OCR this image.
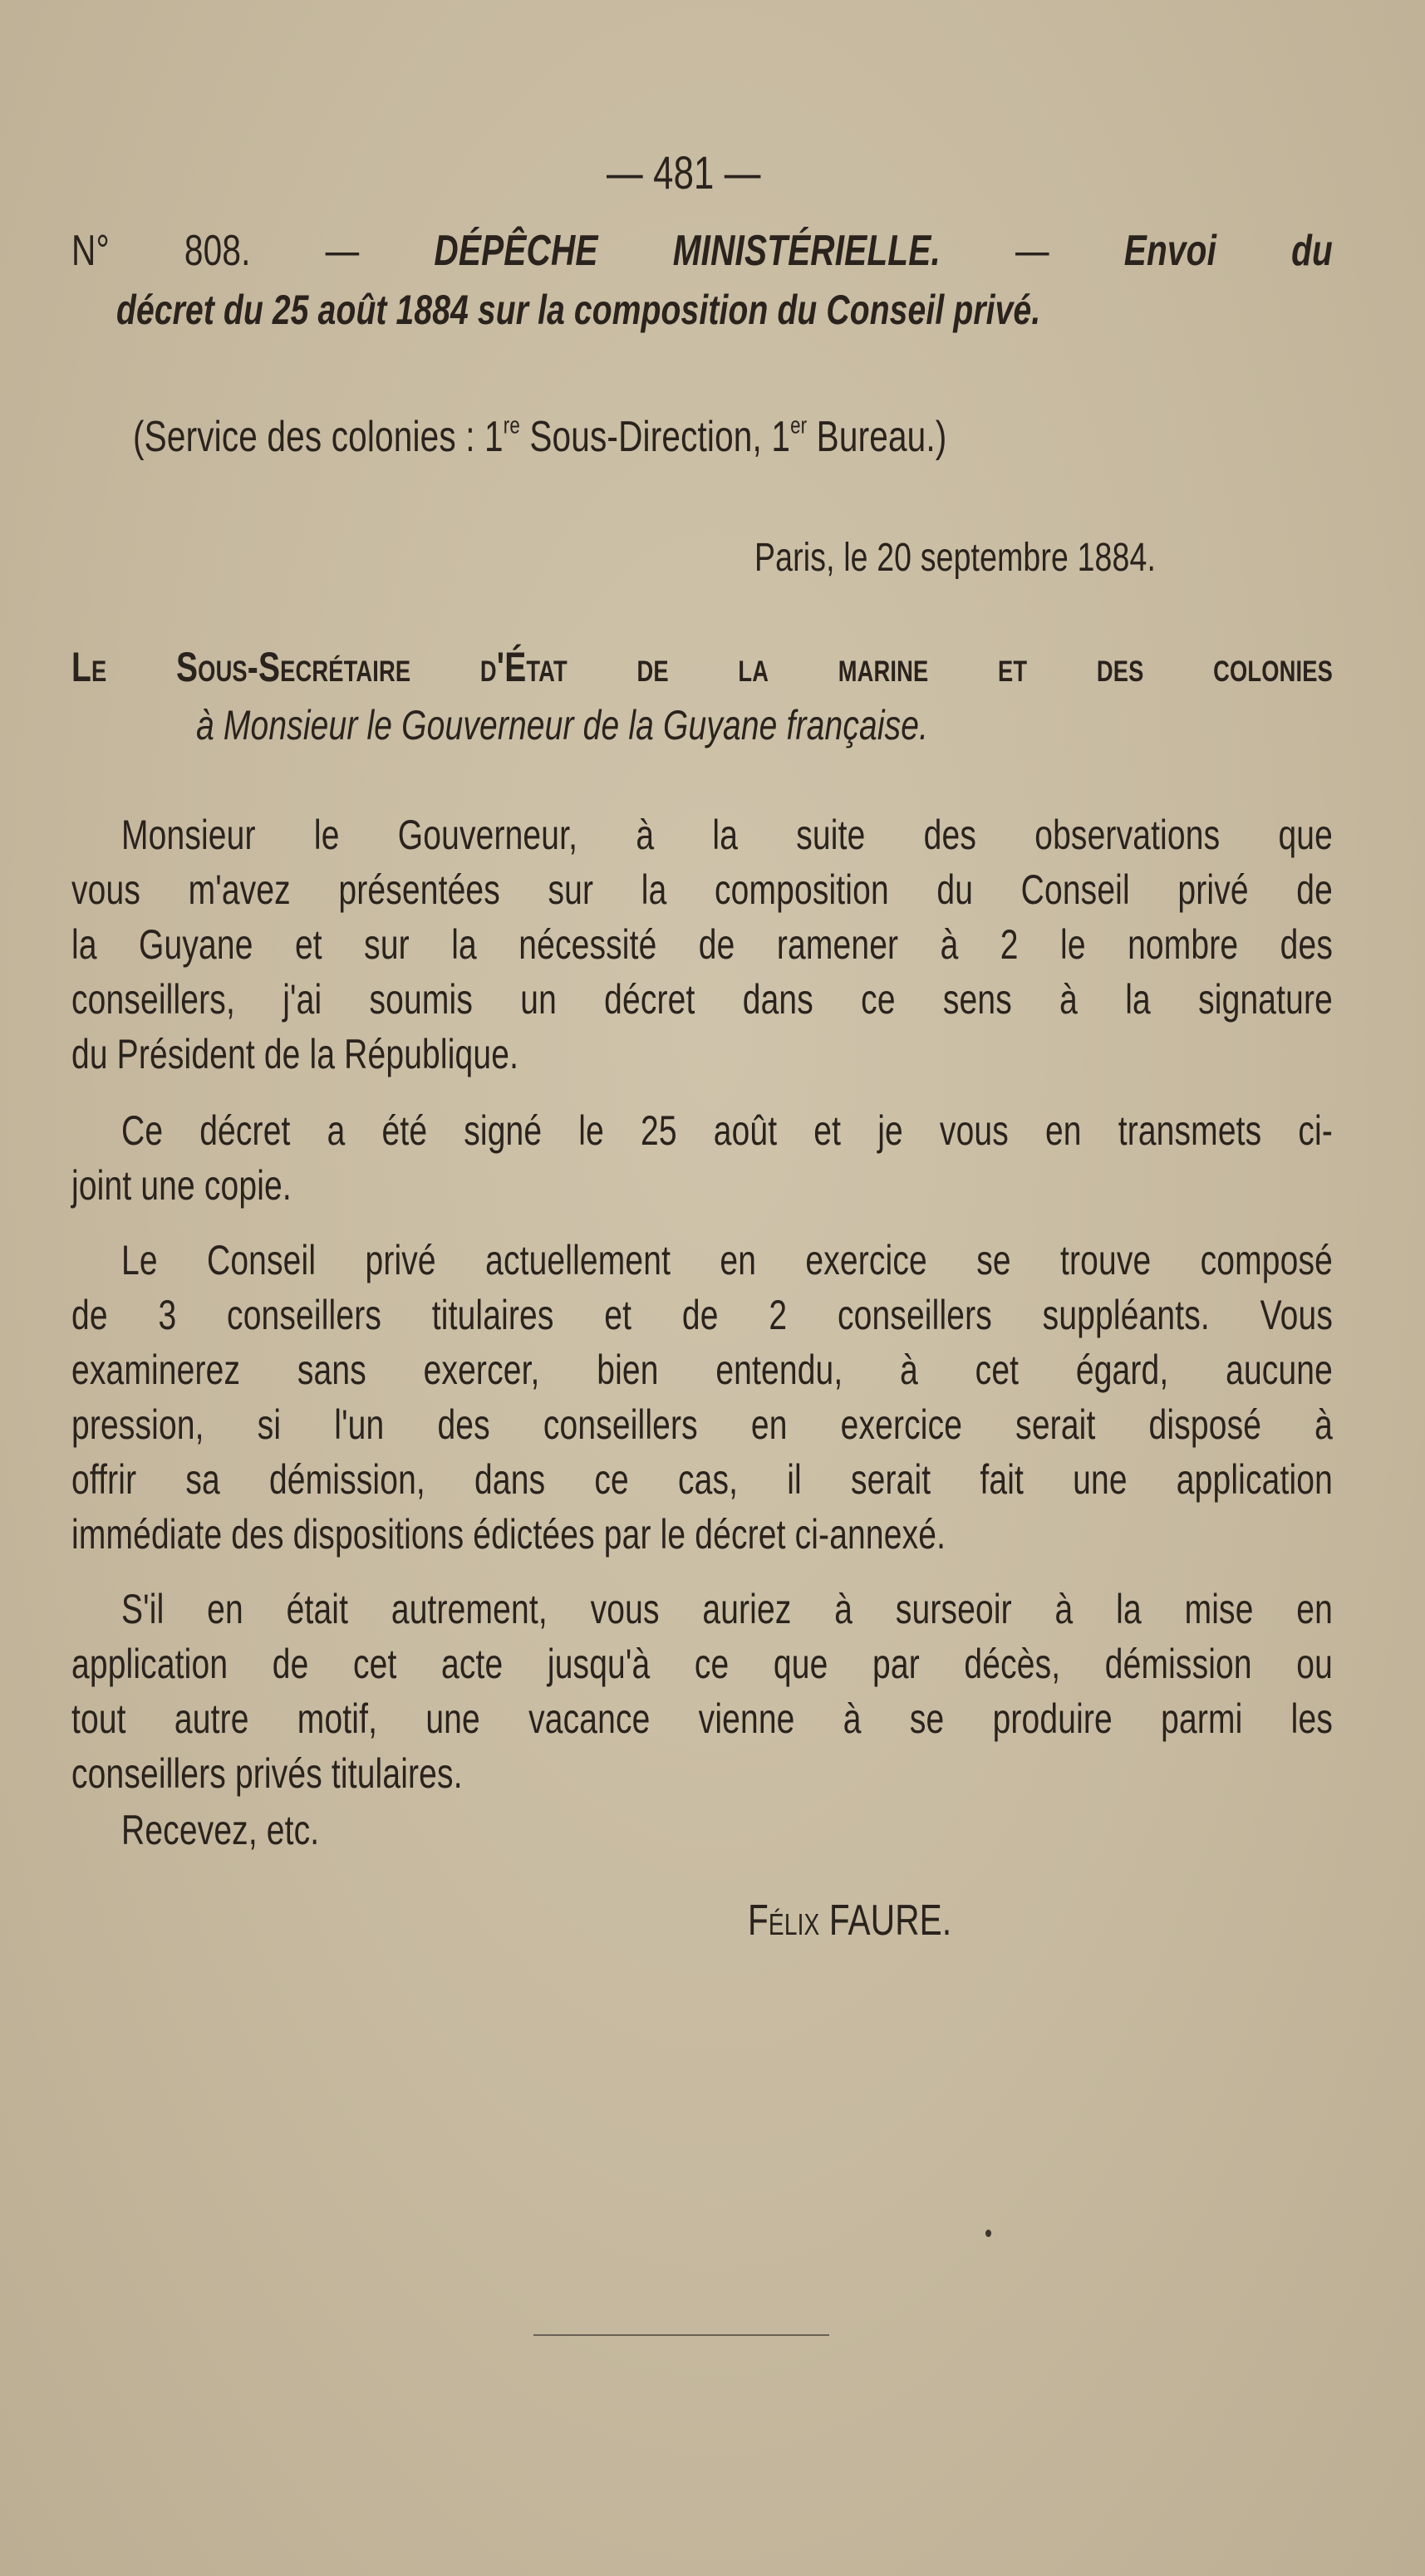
— 481 —
N° 808. — DÉPÊCHE MINISTÉRIELLE. — Envoi du
décret du 25 août 1884 sur la composition du Conseil privé.
(Service des colonies : 1re Sous-Direction, 1er Bureau.)
Paris, le 20 septembre 1884.
Le Sous-Secrétaire d'État de la marine et des colonies
à Monsieur le Gouverneur de la Guyane française.
Monsieur le Gouverneur, à la suite des observations que
vous m'avez présentées sur la composition du Conseil privé de
la Guyane et sur la nécessité de ramener à 2 le nombre des
conseillers, j'ai soumis un décret dans ce sens à la signature
du Président de la République.
Ce décret a été signé le 25 août et je vous en transmets ci-
joint une copie.
Le Conseil privé actuellement en exercice se trouve composé
de 3 conseillers titulaires et de 2 conseillers suppléants. Vous
examinerez sans exercer, bien entendu, à cet égard, aucune
pression, si l'un des conseillers en exercice serait disposé à
offrir sa démission, dans ce cas, il serait fait une application
immédiate des dispositions édictées par le décret ci-annexé.
S'il en était autrement, vous auriez à surseoir à la mise en
application de cet acte jusqu'à ce que par décès, démission ou
tout autre motif, une vacance vienne à se produire parmi les
conseillers privés titulaires.
Recevez, etc.
Félix FAURE.
